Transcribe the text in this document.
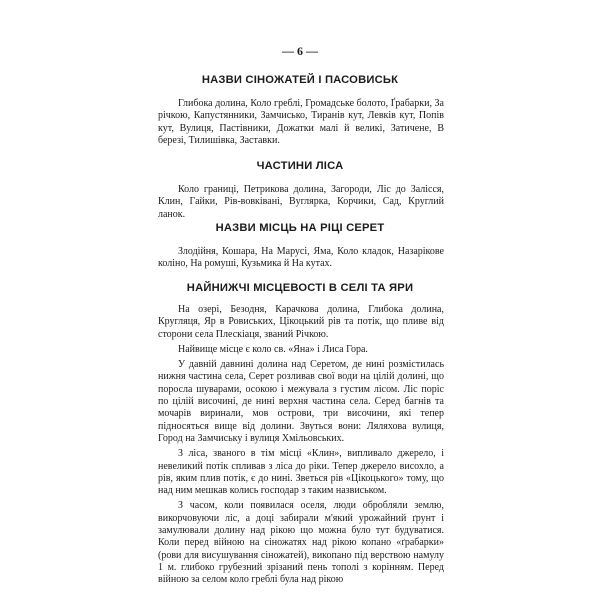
— 6 —
НАЗВИ СІНОЖАТЕЙ І ПАСОВИСЬК

Глибока долина, Коло греблі, Громадське болото, Ґрабарки, За річкою, Капустянники, Замчисько, Тиранів кут, Левків кут, Попів кут, Вулиця, Пастівники, Дожатки малі й великі, Затичене, В березі, Тилишівка, Заставки.

ЧАСТИНИ ЛІСА

Коло границі, Петрикова долина, Загороди, Ліс до Залісся, Клин, Гайки, Рів-вовківані, Вуглярка, Корчики, Сад, Круглий ланок.

НАЗВИ МІСЦЬ НА РІЦІ СЕРЕТ

Злодійня, Кошара, На Марусі, Яма, Коло кладок, Назарікове колінo, На ромуші, Кузьмика й На кутах.

НАЙНИЖЧІ МІСЦЕВОСТІ В СЕЛІ ТА ЯРИ

На озері, Безодня, Карачкова долина, Глибока долина, Кругляця, Яр в Ровиських, Цікоцький рів та потік, що пливе від сторони села Плескіаця, званий Річкою.

Найвище місце є коло св. «Яна» і Лиса Гора.

У давній давнині долина над Серетом, де нині розмістилась нижня частина села, Серет розливав свої води на цілій долині, що поросла шуварами, осокою і межувала з густим лісом. Ліс поріс по цілій височині, де нині верхня частина села. Серед багнів та мочарів виринали, мов острови, три височини, які тепер підносяться вище від долини. Звуться вони: Ляляхова вулиця, Город на Замчиську і вулиця Хмільовських.

З ліса, званого в тім місці «Клин», випливало джерело, і невеликий потік спливав з ліса до ріки. Тепер джерело висохло, а рів, яким плив потік, є до нині. Зветься рів «Цікоцького» тому, що над ним мешкав колись господар з таким назвиськом.

З часом, коли появилася оселя, люди обробляли землю, викорчовуючи ліс, а доці забирали м'який урожайний ґрунт і замулювали долину над рікою що можна було тут будуватися. Коли перед війною на сіножатях над рікою копано «ґрабарки» (рови для висушування сіножатей), викопано під верствою намулу 1 м. глибоко грубезний зрізаний пень тополі з корінням. Перед війною за селом коло греблі була над рікою
